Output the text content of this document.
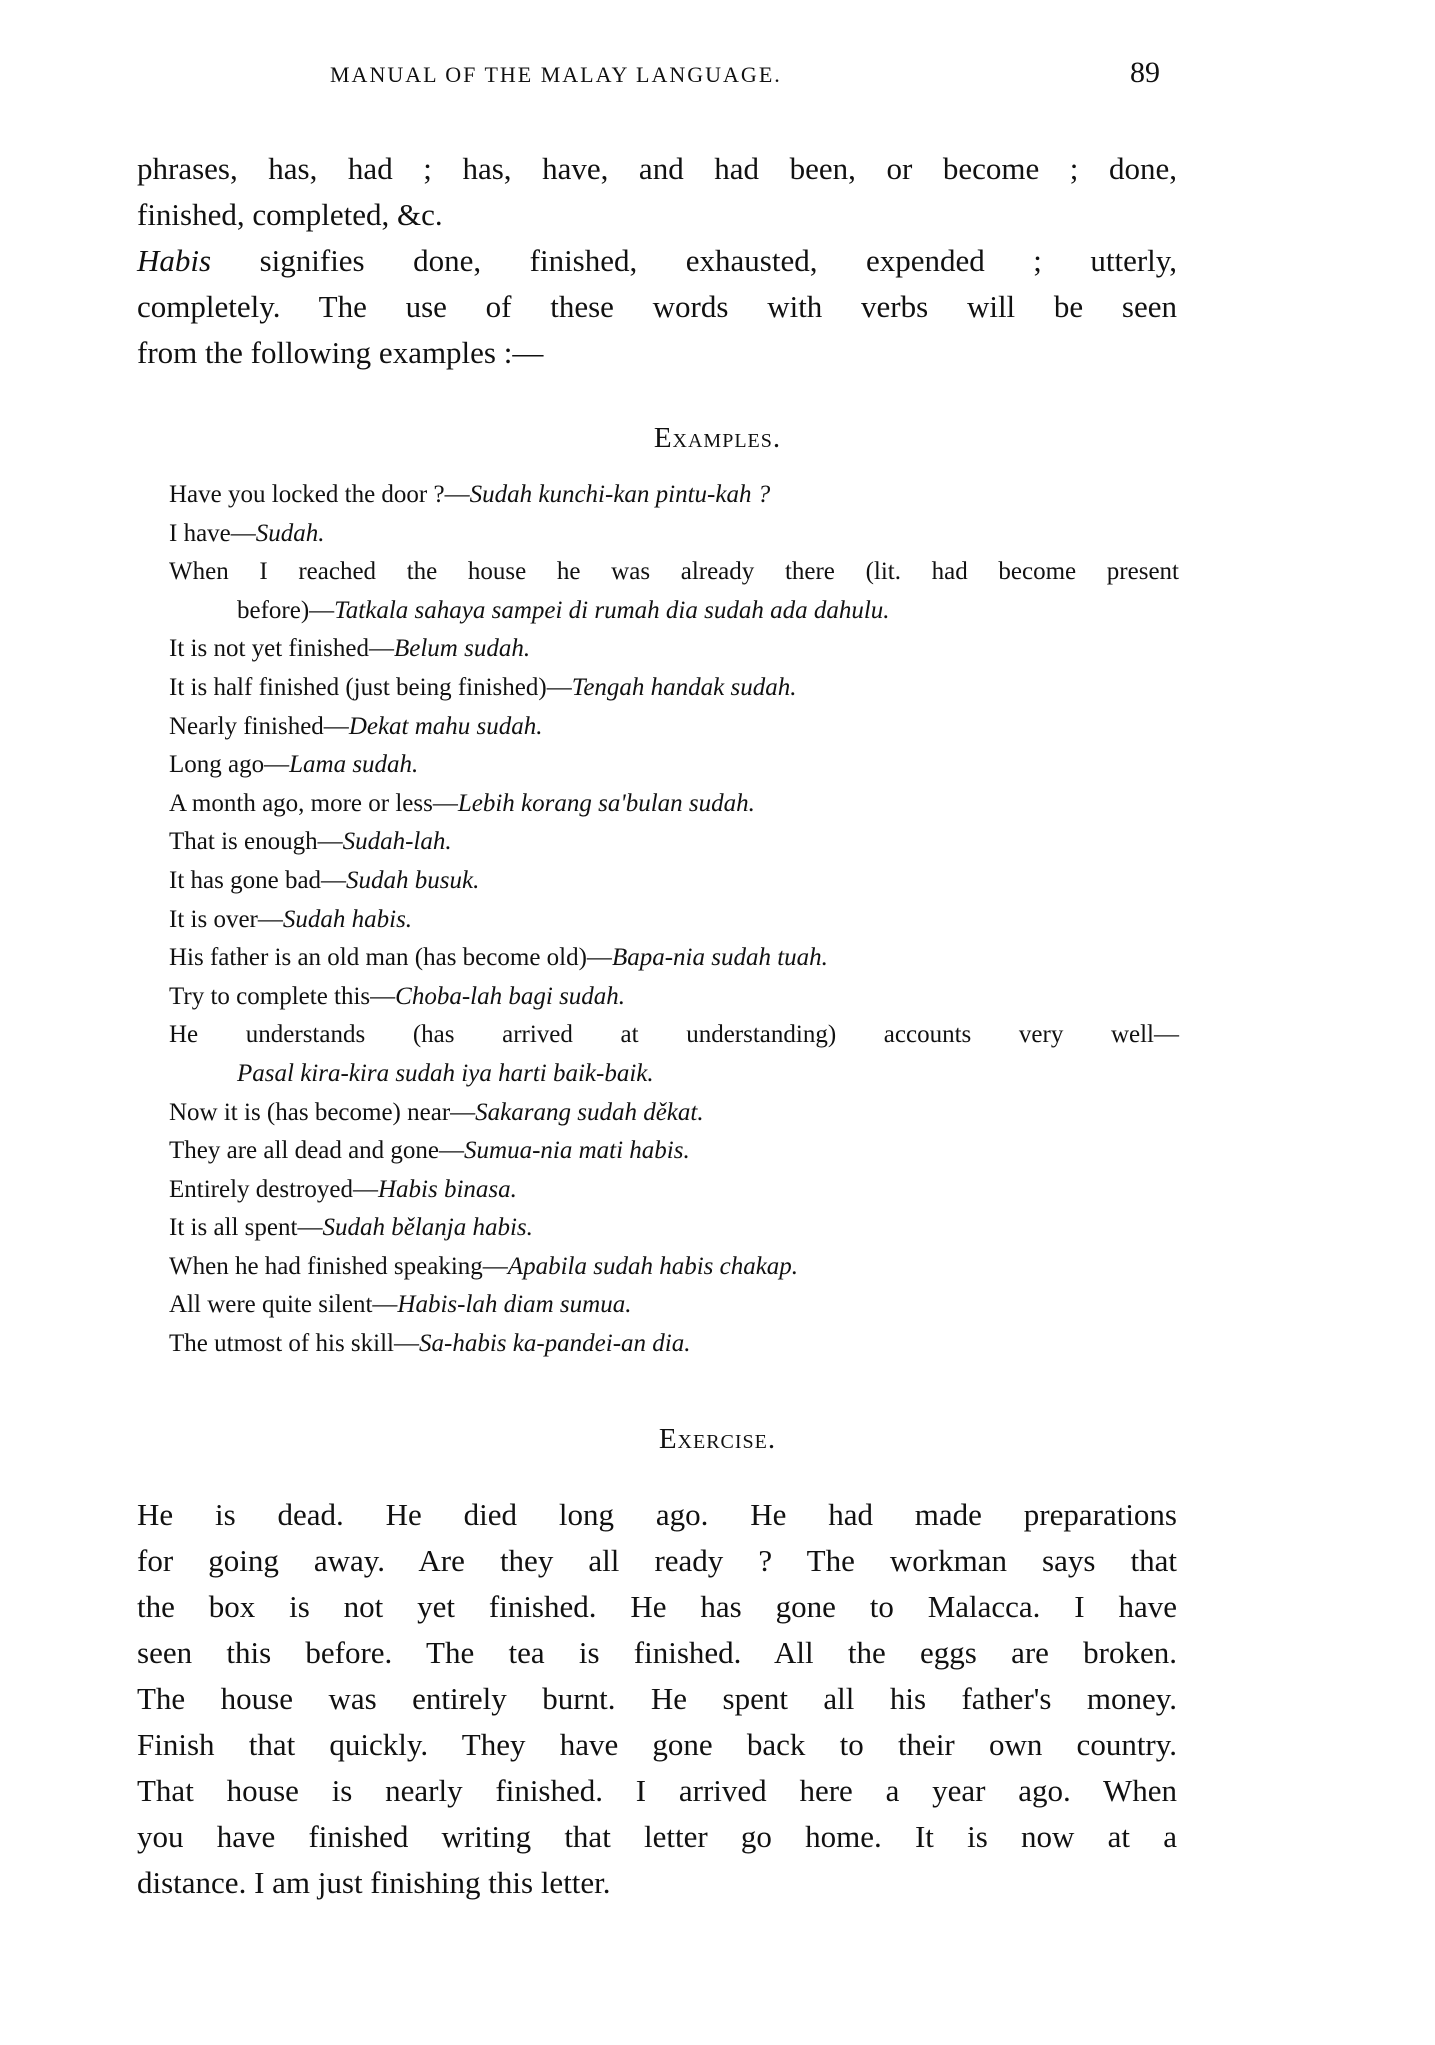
MANUAL OF THE MALAY LANGUAGE.	89
phrases, has, had ; has, have, and had been, or become ; done,
finished, completed, &c.
Habis signifies done, finished, exhausted, expended ; utterly,
completely. The use of these words with verbs will be seen
from the following examples :—
Examples.
Have you locked the door ?—Sudah kunchi-kan pintu-kah ?
I have—Sudah.
When I reached the house he was already there (lit. had become present
before)—Tatkala sahaya sampei di rumah dia sudah ada dahulu.
It is not yet finished—Belum sudah.
It is half finished (just being finished)—Tengah handak sudah.
Nearly finished—Dekat mahu sudah.
Long ago—Lama sudah.
A month ago, more or less—Lebih korang sa'bulan sudah.
That is enough—Sudah-lah.
It has gone bad—Sudah busuk.
It is over—Sudah habis.
His father is an old man (has become old)—Bapa-nia sudah tuah.
Try to complete this—Choba-lah bagi sudah.
He understands (has arrived at understanding) accounts very well—
Pasal kira-kira sudah iya harti baik-baik.
Now it is (has become) near—Sakarang sudah děkat.
They are all dead and gone—Sumua-nia mati habis.
Entirely destroyed—Habis binasa.
It is all spent—Sudah bělanja habis.
When he had finished speaking—Apabila sudah habis chakap.
All were quite silent—Habis-lah diam sumua.
The utmost of his skill—Sa-habis ka-pandei-an dia.
Exercise.
He is dead. He died long ago. He had made preparations
for going away. Are they all ready ? The workman says that
the box is not yet finished. He has gone to Malacca. I have
seen this before. The tea is finished. All the eggs are broken.
The house was entirely burnt. He spent all his father's money.
Finish that quickly. They have gone back to their own country.
That house is nearly finished. I arrived here a year ago. When
you have finished writing that letter go home. It is now at a
distance. I am just finishing this letter.
